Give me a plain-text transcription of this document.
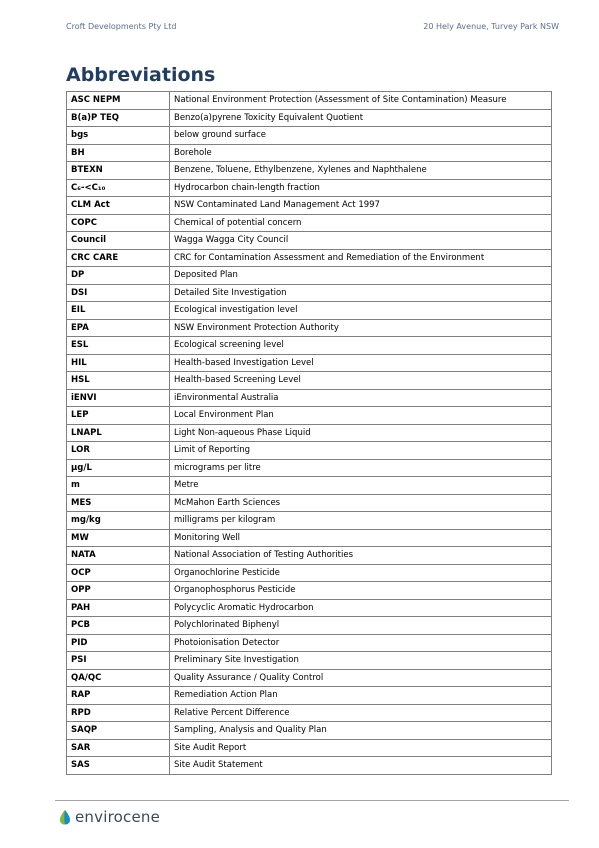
Croft Developments Pty Ltd	20 Hely Avenue, Turvey Park NSW
Abbreviations
ASC NEPM	National Environment Protection (Assessment of Site Contamination) Measure
B(a)P TEQ	Benzo(a)pyrene Toxicity Equivalent Quotient
bgs	below ground surface
BH	Borehole
BTEXN	Benzene, Toluene, Ethylbenzene, Xylenes and Naphthalene
C₆-<C₁₀	Hydrocarbon chain-length fraction
CLM Act	NSW Contaminated Land Management Act 1997
COPC	Chemical of potential concern
Council	Wagga Wagga City Council
CRC CARE	CRC for Contamination Assessment and Remediation of the Environment
DP	Deposited Plan
DSI	Detailed Site Investigation
EIL	Ecological investigation level
EPA	NSW Environment Protection Authority
ESL	Ecological screening level
HIL	Health-based Investigation Level
HSL	Health-based Screening Level
iENVI	iEnvironmental Australia
LEP	Local Environment Plan
LNAPL	Light Non-aqueous Phase Liquid
LOR	Limit of Reporting
µg/L	micrograms per litre
m	Metre
MES	McMahon Earth Sciences
mg/kg	milligrams per kilogram
MW	Monitoring Well
NATA	National Association of Testing Authorities
OCP	Organochlorine Pesticide
OPP	Organophosphorus Pesticide
PAH	Polycyclic Aromatic Hydrocarbon
PCB	Polychlorinated Biphenyl
PID	Photoionisation Detector
PSI	Preliminary Site Investigation
QA/QC	Quality Assurance / Quality Control
RAP	Remediation Action Plan
RPD	Relative Percent Difference
SAQP	Sampling, Analysis and Quality Plan
SAR	Site Audit Report
SAS	Site Audit Statement
envirocene
